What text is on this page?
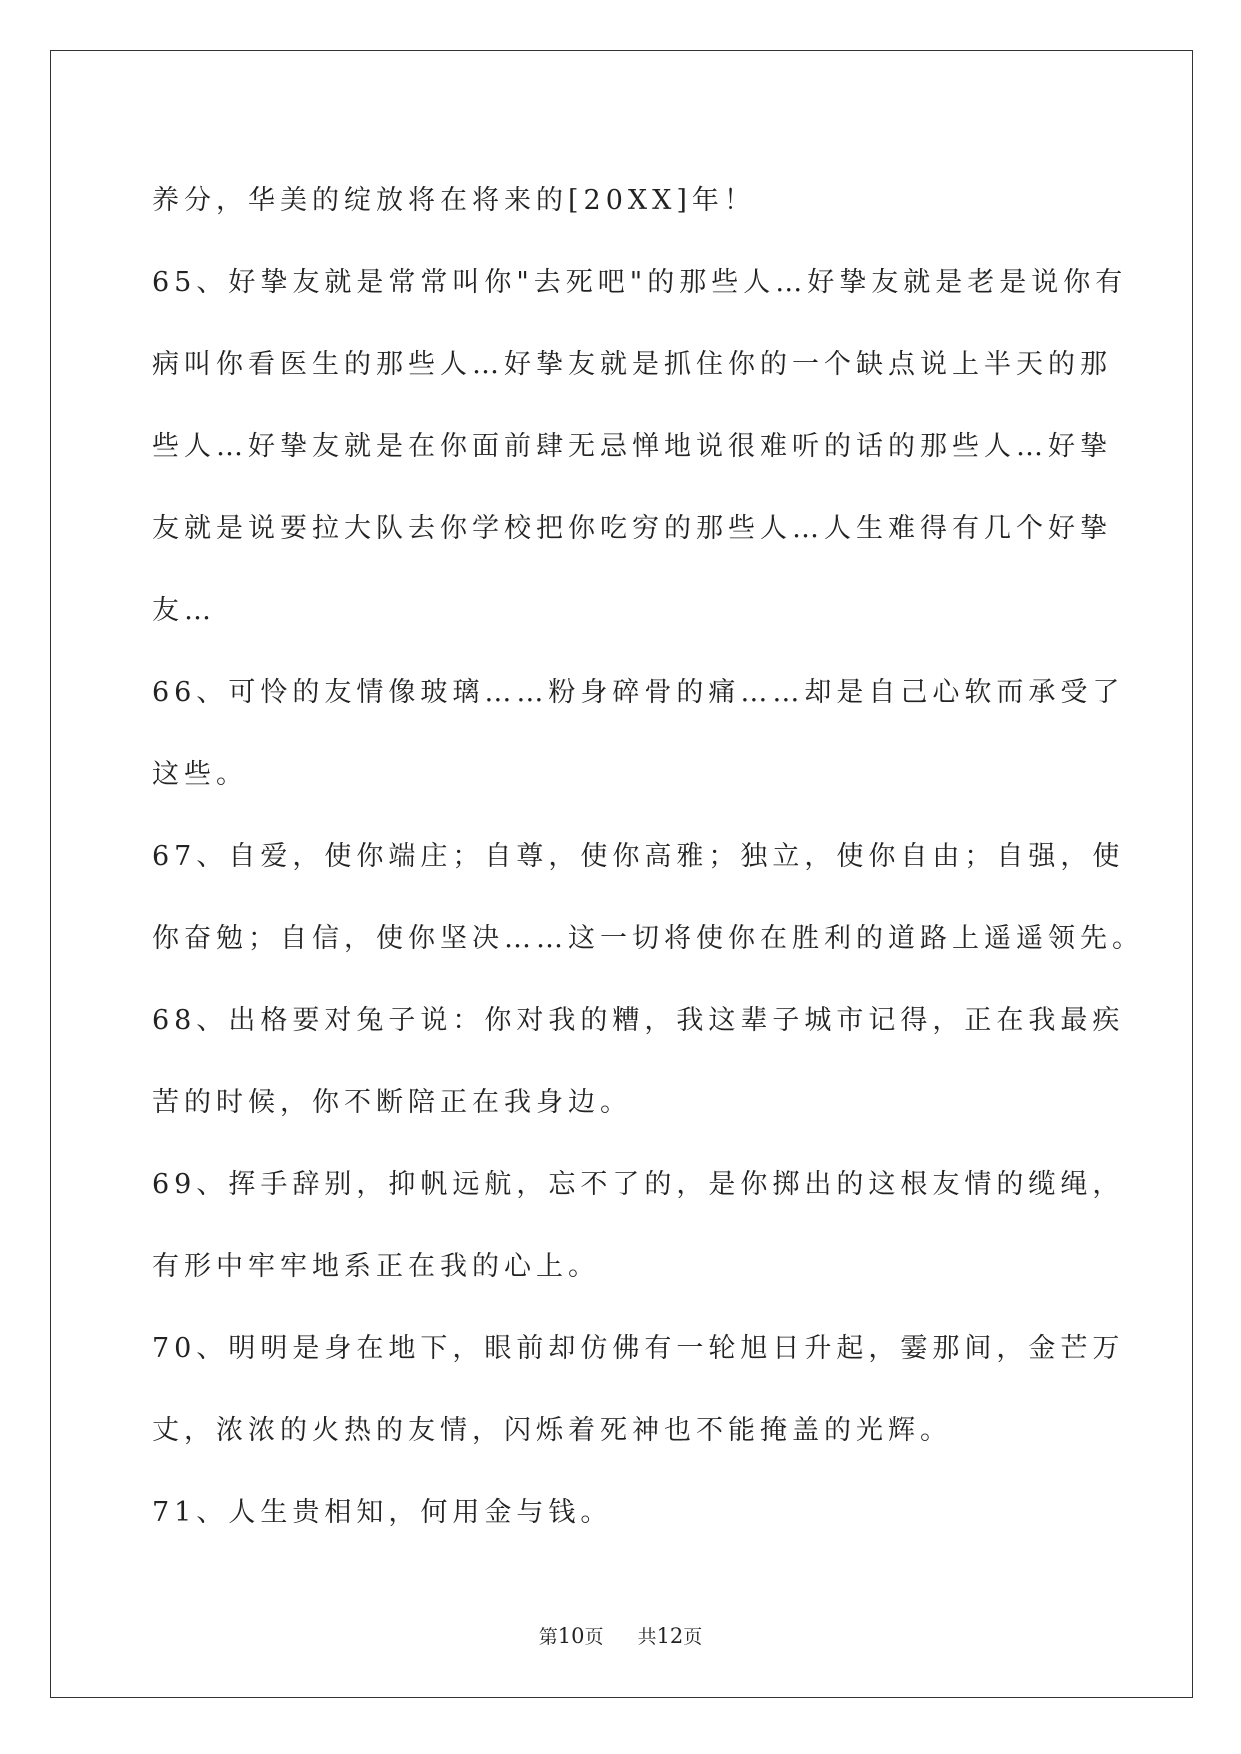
养分，华美的绽放将在将来的[20XX]年！
65、好挚友就是常常叫你"去死吧"的那些人…好挚友就是老是说你有
病叫你看医生的那些人…好挚友就是抓住你的一个缺点说上半天的那
些人…好挚友就是在你面前肆无忌惮地说很难听的话的那些人…好挚
友就是说要拉大队去你学校把你吃穷的那些人…人生难得有几个好挚
友…
66、可怜的友情像玻璃……粉身碎骨的痛……却是自己心软而承受了
这些。
67、自爱，使你端庄；自尊，使你高雅；独立，使你自由；自强，使
你奋勉；自信，使你坚决……这一切将使你在胜利的道路上遥遥领先。
68、出格要对兔子说：你对我的糟，我这辈子城市记得，正在我最疾
苦的时候，你不断陪正在我身边。
69、挥手辞别，抑帆远航，忘不了的，是你掷出的这根友情的缆绳，
有形中牢牢地系正在我的心上。
70、明明是身在地下，眼前却仿佛有一轮旭日升起，霎那间，金芒万
丈，浓浓的火热的友情，闪烁着死神也不能掩盖的光辉。
71、人生贵相知，何用金与钱。
第10页 共12页
